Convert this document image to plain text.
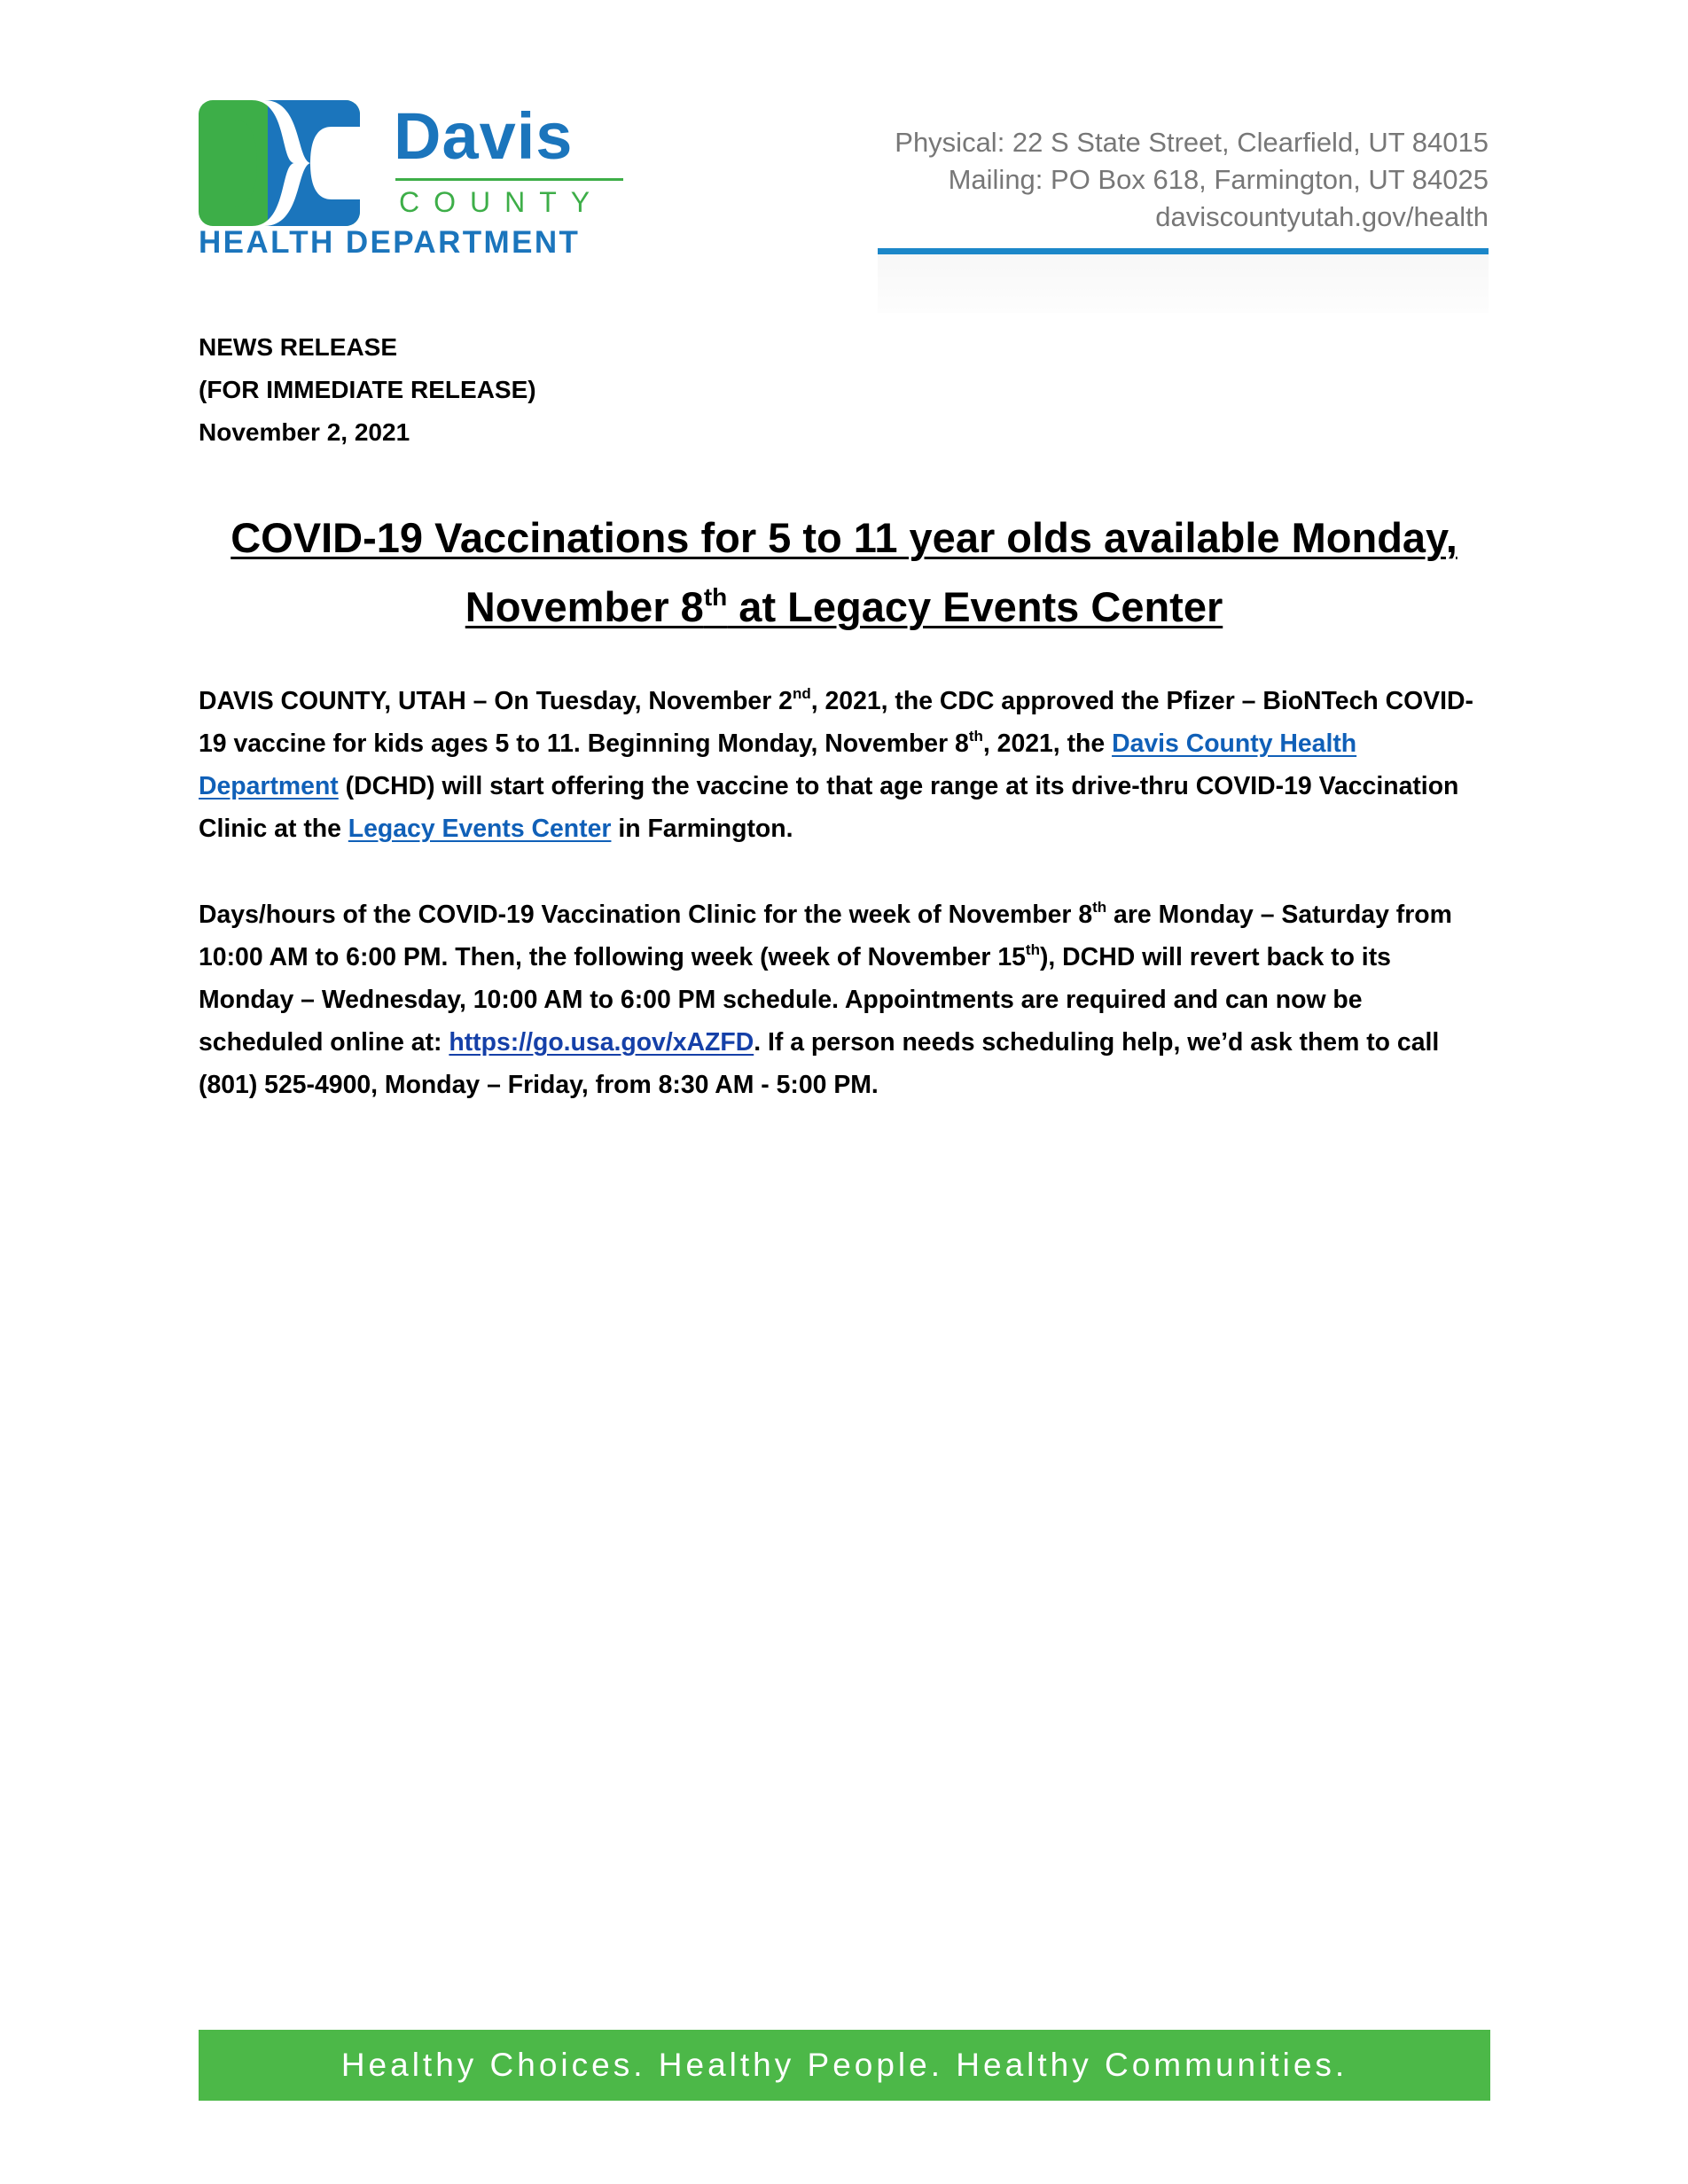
Davis
COUNTY
HEALTH DEPARTMENT
Physical: 22 S State Street, Clearfield, UT 84015
Mailing: PO Box 618, Farmington, UT 84025
daviscountyutah.gov/health
NEWS RELEASE
(FOR IMMEDIATE RELEASE)
November 2, 2021
COVID-19 Vaccinations for 5 to 11 year olds available Monday,
November 8th at Legacy Events Center
DAVIS COUNTY, UTAH – On Tuesday, November 2nd, 2021, the CDC approved the Pfizer – BioNTech COVID-19 vaccine for kids ages 5 to 11. Beginning Monday, November 8th, 2021, the Davis County Health Department (DCHD) will start offering the vaccine to that age range at its drive-thru COVID-19 Vaccination Clinic at the Legacy Events Center in Farmington.
Days/hours of the COVID-19 Vaccination Clinic for the week of November 8th are Monday – Saturday from 10:00 AM to 6:00 PM. Then, the following week (week of November 15th), DCHD will revert back to its Monday – Wednesday, 10:00 AM to 6:00 PM schedule. Appointments are required and can now be scheduled online at: https://go.usa.gov/xAZFD. If a person needs scheduling help, we’d ask them to call (801) 525-4900, Monday – Friday, from 8:30 AM - 5:00 PM.
Healthy Choices. Healthy People. Healthy Communities.
